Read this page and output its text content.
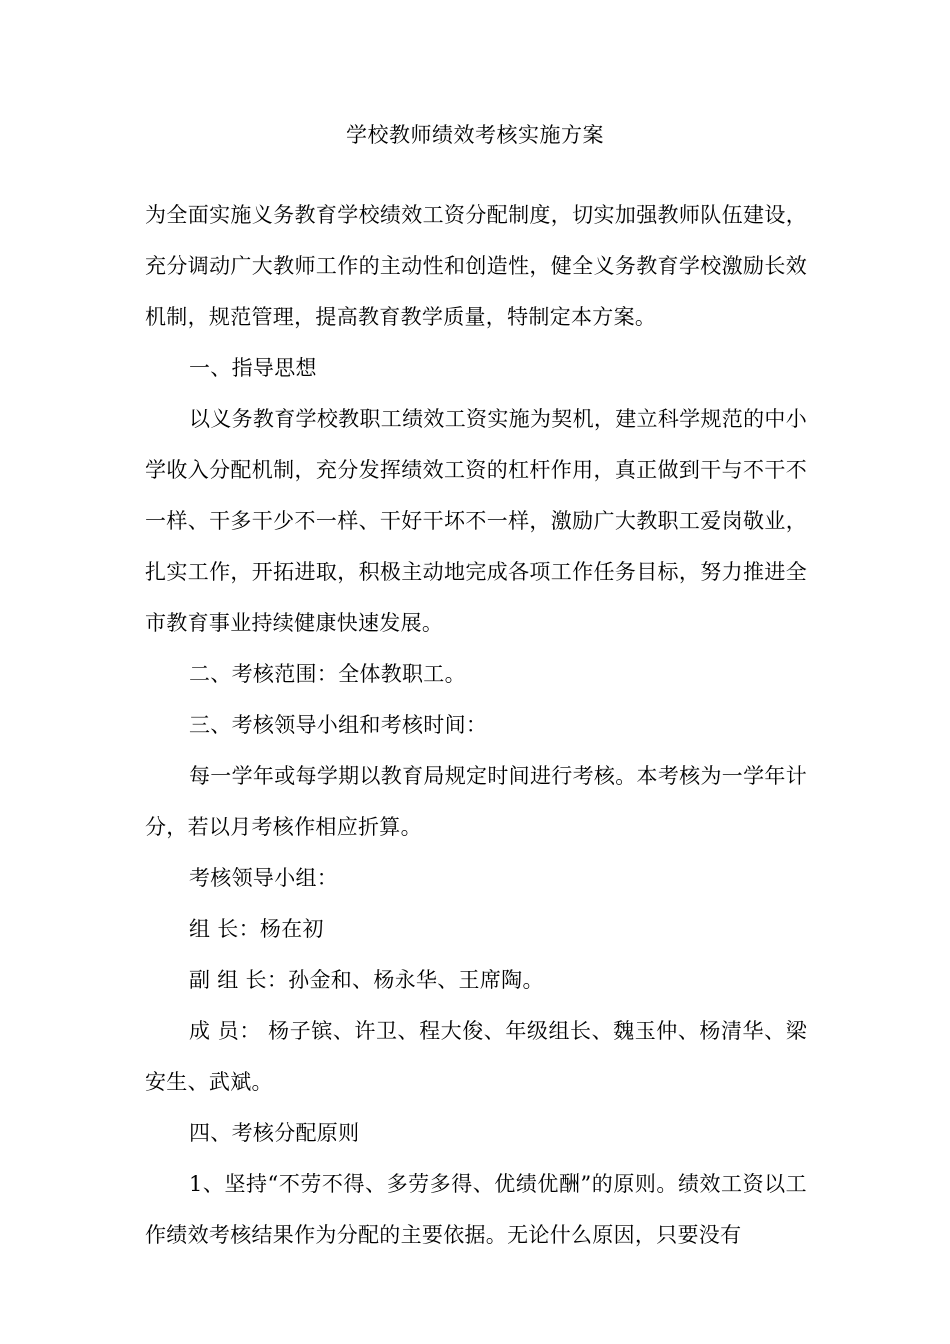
学校教师绩效考核实施方案

为全面实施义务教育学校绩效工资分配制度，切实加强教师队伍建设，充分调动广大教师工作的主动性和创造性，健全义务教育学校激励长效机制，规范管理，提高教育教学质量，特制定本方案。

一、指导思想

以义务教育学校教职工绩效工资实施为契机，建立科学规范的中小学收入分配机制，充分发挥绩效工资的杠杆作用，真正做到干与不干不一样、干多干少不一样、干好干坏不一样，激励广大教职工爱岗敬业，扎实工作，开拓进取，积极主动地完成各项工作任务目标，努力推进全市教育事业持续健康快速发展。

二、考核范围：全体教职工。

三、考核领导小组和考核时间：

每一学年或每学期以教育局规定时间进行考核。本考核为一学年计分，若以月考核作相应折算。

考核领导小组：

组 长：杨在初

副 组 长：孙金和、杨永华、王席陶。

成 员： 杨子镔、许卫、程大俊、年级组长、魏玉仲、杨清华、梁安生、武斌。

四、考核分配原则

1、坚持“不劳不得、多劳多得、优绩优酬”的原则。绩效工资以工作绩效考核结果作为分配的主要依据。无论什么原因，只要没有
